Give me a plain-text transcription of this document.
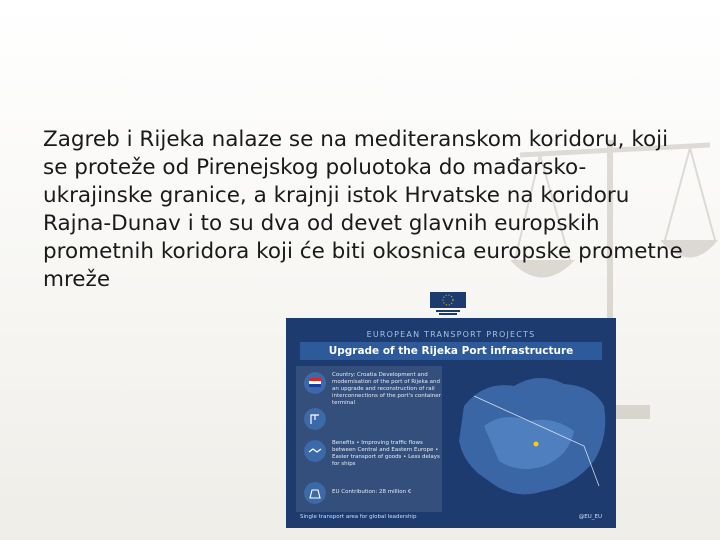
Zagreb i Rijeka nalaze se na mediteranskom koridoru, koji se proteže od Pirenejskog poluotoka do mađarsko-ukrajinske granice, a krajnji istok Hrvatske na koridoru Rajna-Dunav i to su dva od devet glavnih europskih prometnih koridora koji će biti okosnica europske prometne mreže

EUROPEAN TRANSPORT PROJECTS
Upgrade of the Rijeka Port infrastructure
Country: Croatia Development and modernisation of the port of Rijeka and an upgrade and reconstruction of rail interconnections of the port's container terminal
Benefits • Improving traffic flows between Central and Eastern Europe • Easier transport of goods • Less delays for ships
EU Contribution: 28 million €
Single transport area for global leadership	@EU_EU
